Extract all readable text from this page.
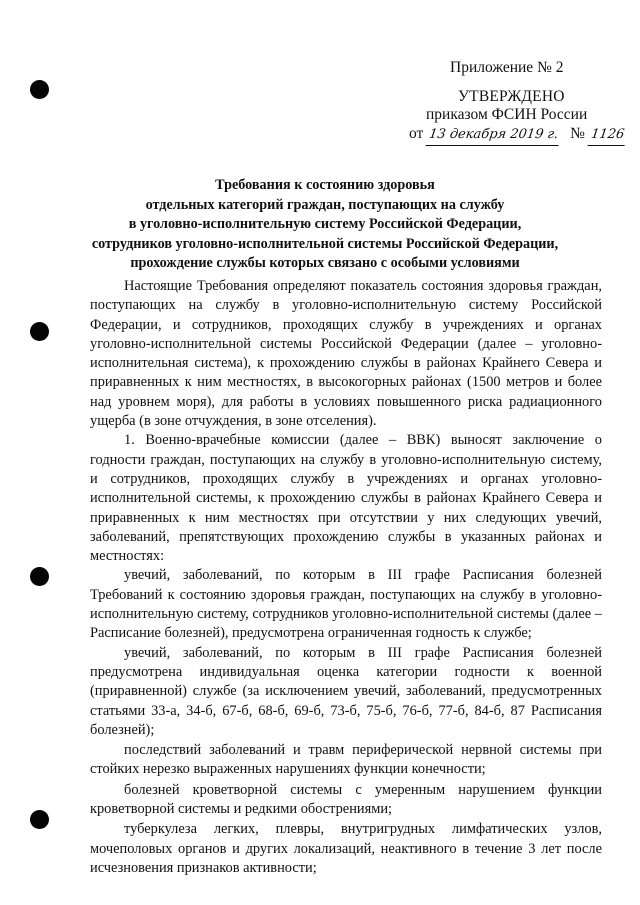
Приложение № 2
УТВЕРЖДЕНО
приказом ФСИН России
от 13 декабря 2019 г. № 1126
Требования к состоянию здоровья
отдельных категорий граждан, поступающих на службу
в уголовно-исполнительную систему Российской Федерации,
сотрудников уголовно-исполнительной системы Российской Федерации,
прохождение службы которых связано с особыми условиями

Настоящие Требования определяют показатель состояния здоровья граждан, поступающих на службу в уголовно-исполнительную систему Российской Федерации, и сотрудников, проходящих службу в учреждениях и органах уголовно-исполнительной системы Российской Федерации (далее – уголовно-исполнительная система), к прохождению службы в районах Крайнего Севера и приравненных к ним местностях, в высокогорных районах (1500 метров и более над уровнем моря), для работы в условиях повышенного риска радиационного ущерба (в зоне отчуждения, в зоне отселения).

1. Военно-врачебные комиссии (далее – ВВК) выносят заключение о годности граждан, поступающих на службу в уголовно-исполнительную систему, и сотрудников, проходящих службу в учреждениях и органах уголовно-исполнительной системы, к прохождению службы в районах Крайнего Севера и приравненных к ним местностях при отсутствии у них следующих увечий, заболеваний, препятствующих прохождению службы в указанных районах и местностях:

увечий, заболеваний, по которым в III графе Расписания болезней Требований к состоянию здоровья граждан, поступающих на службу в уголовно-исполнительную систему, сотрудников уголовно-исполнительной системы (далее – Расписание болезней), предусмотрена ограниченная годность к службе;

увечий, заболеваний, по которым в III графе Расписания болезней предусмотрена индивидуальная оценка категории годности к военной (приравненной) службе (за исключением увечий, заболеваний, предусмотренных статьями 33-а, 34-б, 67-б, 68-б, 69-б, 73-б, 75-б, 76-б, 77-б, 84-б, 87 Расписания болезней);

последствий заболеваний и травм периферической нервной системы при стойких нерезко выраженных нарушениях функции конечности;

болезней кроветворной системы с умеренным нарушением функции кроветворной системы и редкими обострениями;

туберкулеза легких, плевры, внутригрудных лимфатических узлов, мочеполовых органов и других локализаций, неактивного в течение 3 лет после исчезновения признаков активности;
